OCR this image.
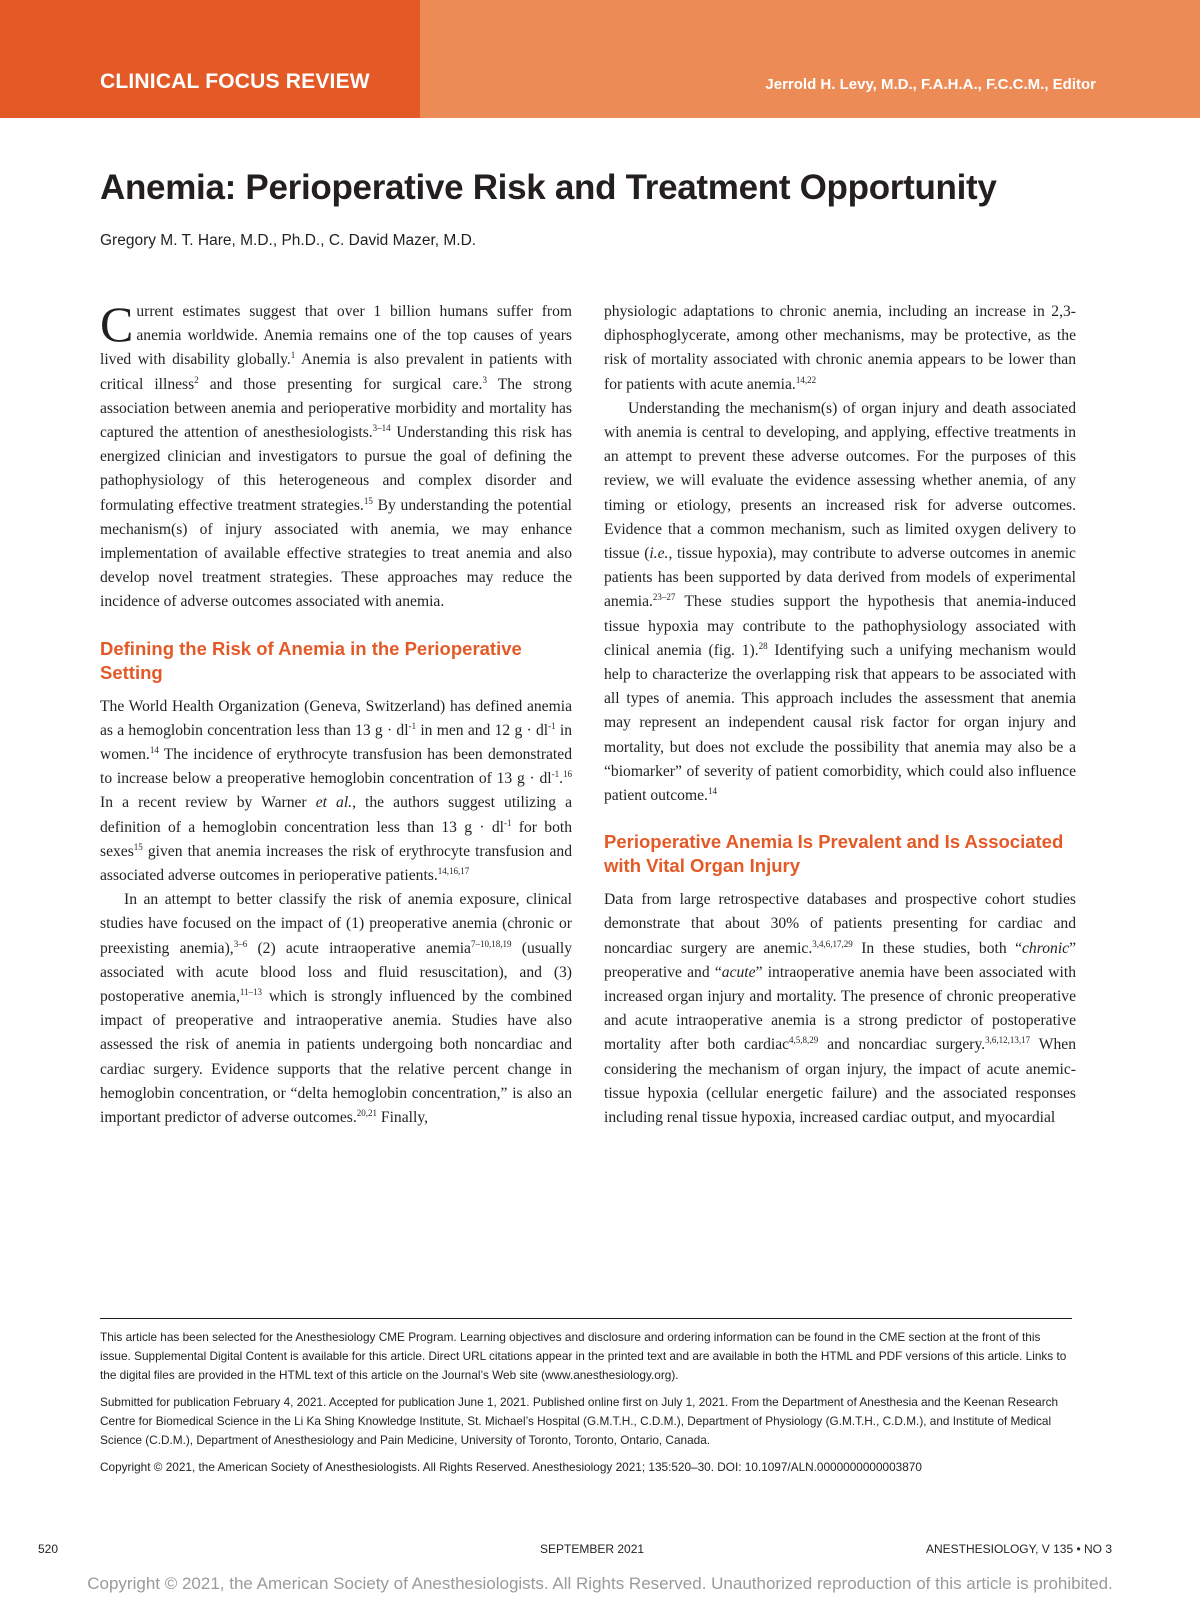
CLINICAL FOCUS REVIEW	Jerrold H. Levy, M.D., F.A.H.A., F.C.C.M., Editor
Anemia: Perioperative Risk and Treatment Opportunity
Gregory M. T. Hare, M.D., Ph.D., C. David Mazer, M.D.

Current estimates suggest that over 1 billion humans suffer from anemia worldwide. Anemia remains one of the top causes of years lived with disability globally.$^1$ Anemia is also prevalent in patients with critical illness$^2$ and those presenting for surgical care.$^3$ The strong association between anemia and perioperative morbidity and mortality has captured the attention of anesthesiologists.$^{3-14}$ Understanding this risk has energized clinician and investigators to pursue the goal of defining the pathophysiology of this heterogeneous and complex disorder and formulating effective treatment strategies.$^{15}$ By understanding the potential mechanism(s) of injury associated with anemia, we may enhance implementation of available effective strategies to treat anemia and also develop novel treatment strategies. These approaches may reduce the incidence of adverse outcomes associated with anemia.

Defining the Risk of Anemia in the Perioperative Setting

The World Health Organization (Geneva, Switzerland) has defined anemia as a hemoglobin concentration less than 13 $g \cdot dl^{-1}$ in men and 12 $g \cdot dl^{-1}$ in women.$^{14}$ The incidence of erythrocyte transfusion has been demonstrated to increase below a preoperative hemoglobin concentration of 13 $g \cdot dl^{-1}.^{16}$ In a recent review by Warner et al., the authors suggest utilizing a definition of a hemoglobin concentration less than 13 $g \cdot dl^{-1}$ for both sexes$^{15}$ given that anemia increases the risk of erythrocyte transfusion and associated adverse outcomes in perioperative patients.$^{14,16,17}$

In an attempt to better classify the risk of anemia exposure, clinical studies have focused on the impact of (1) preoperative anemia (chronic or preexisting anemia),$^{3-6}$ (2) acute intraoperative anemia$^{7-10,18,19}$ (usually associated with acute blood loss and fluid resuscitation), and (3) postoperative anemia,$^{11-13}$ which is strongly influenced by the combined impact of preoperative and intraoperative anemia. Studies have also assessed the risk of anemia in patients undergoing both noncardiac and cardiac surgery. Evidence supports that the relative percent change in hemoglobin concentration, or “delta hemoglobin concentration,” is also an important predictor of adverse outcomes.$^{20,21}$ Finally,

physiologic adaptations to chronic anemia, including an increase in 2,3-diphosphoglycerate, among other mechanisms, may be protective, as the risk of mortality associated with chronic anemia appears to be lower than for patients with acute anemia.$^{14,22}$

Understanding the mechanism(s) of organ injury and death associated with anemia is central to developing, and applying, effective treatments in an attempt to prevent these adverse outcomes. For the purposes of this review, we will evaluate the evidence assessing whether anemia, of any timing or etiology, presents an increased risk for adverse outcomes. Evidence that a common mechanism, such as limited oxygen delivery to tissue (i.e., tissue hypoxia), may contribute to adverse outcomes in anemic patients has been supported by data derived from models of experimental anemia.$^{23-27}$ These studies support the hypothesis that anemia-induced tissue hypoxia may contribute to the pathophysiology associated with clinical anemia (fig. 1).$^{28}$ Identifying such a unifying mechanism would help to characterize the overlapping risk that appears to be associated with all types of anemia. This approach includes the assessment that anemia may represent an independent causal risk factor for organ injury and mortality, but does not exclude the possibility that anemia may also be a “biomarker” of severity of patient comorbidity, which could also influence patient outcome.$^{14}$

Perioperative Anemia Is Prevalent and Is Associated with Vital Organ Injury

Data from large retrospective databases and prospective cohort studies demonstrate that about 30% of patients presenting for cardiac and noncardiac surgery are anemic.$^{3,4,6,17,29}$ In these studies, both “chronic” preoperative and “acute” intraoperative anemia have been associated with increased organ injury and mortality. The presence of chronic preoperative and acute intraoperative anemia is a strong predictor of postoperative mortality after both cardiac$^{4,5,8,29}$ and noncardiac surgery.$^{3,6,12,13,17}$ When considering the mechanism of organ injury, the impact of acute anemic-tissue hypoxia (cellular energetic failure) and the associated responses including renal tissue hypoxia, increased cardiac output, and myocardial

This article has been selected for the Anesthesiology CME Program. Learning objectives and disclosure and ordering information can be found in the CME section at the front of this issue. Supplemental Digital Content is available for this article. Direct URL citations appear in the printed text and are available in both the HTML and PDF versions of this article. Links to the digital files are provided in the HTML text of this article on the Journal’s Web site (www.anesthesiology.org).

Submitted for publication February 4, 2021. Accepted for publication June 1, 2021. Published online first on July 1, 2021. From the Department of Anesthesia and the Keenan Research Centre for Biomedical Science in the Li Ka Shing Knowledge Institute, St. Michael’s Hospital (G.M.T.H., C.D.M.), Department of Physiology (G.M.T.H., C.D.M.), and Institute of Medical Science (C.D.M.), Department of Anesthesiology and Pain Medicine, University of Toronto, Toronto, Ontario, Canada.

Copyright © 2021, the American Society of Anesthesiologists. All Rights Reserved. Anesthesiology 2021; 135:520–30. DOI: 10.1097/ALN.0000000000003870

520	SEPTEMBER 2021	ANESTHESIOLOGY, V 135 • NO 3
Copyright © 2021, the American Society of Anesthesiologists. All Rights Reserved. Unauthorized reproduction of this article is prohibited.
